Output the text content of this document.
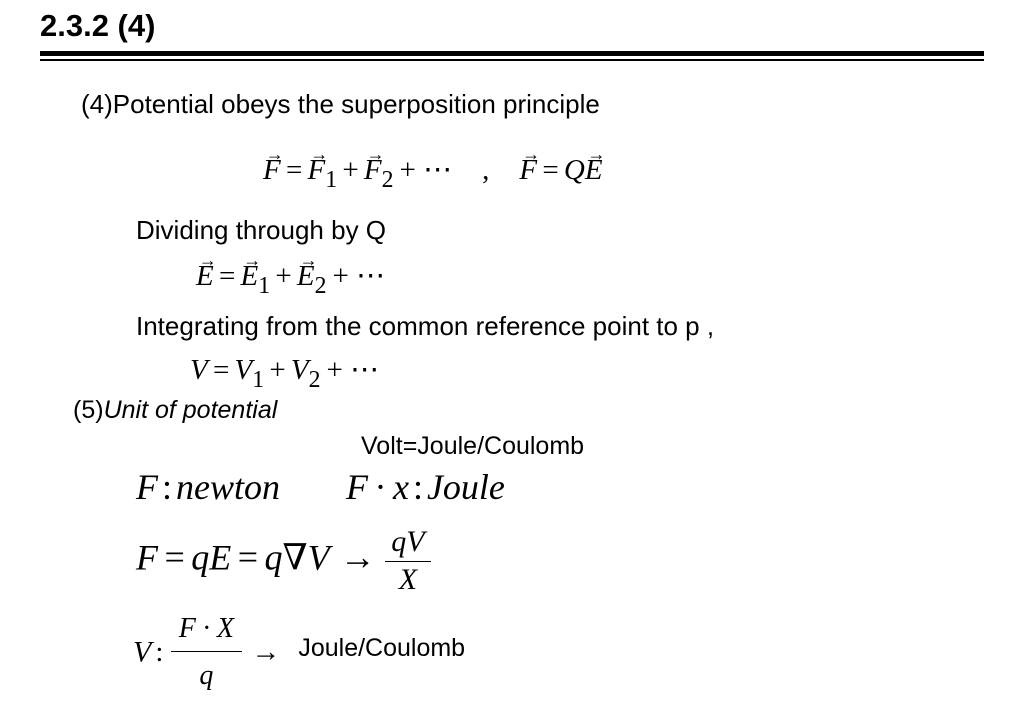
2.3.2 (4)
(4)Potential obeys the superposition principle
→ $F =\to F_1 +\to F_2$ + ⋯ ,→ F = Q→ E
Dividing through by Q
→ $E =\to E_1 +\to E_2$ + ⋯
Integrating from the common reference point to p ,
$V = V_1 + V_2$ + ⋯
(5)Unit of potential
Volt=Joule/Coulomb
F : newton F · x : Joule
F = qE = $q\nabla V \to \frac{qV}{X}$
V : $\frac{F \cdot X}{q}$ → Joule/Coulomb
